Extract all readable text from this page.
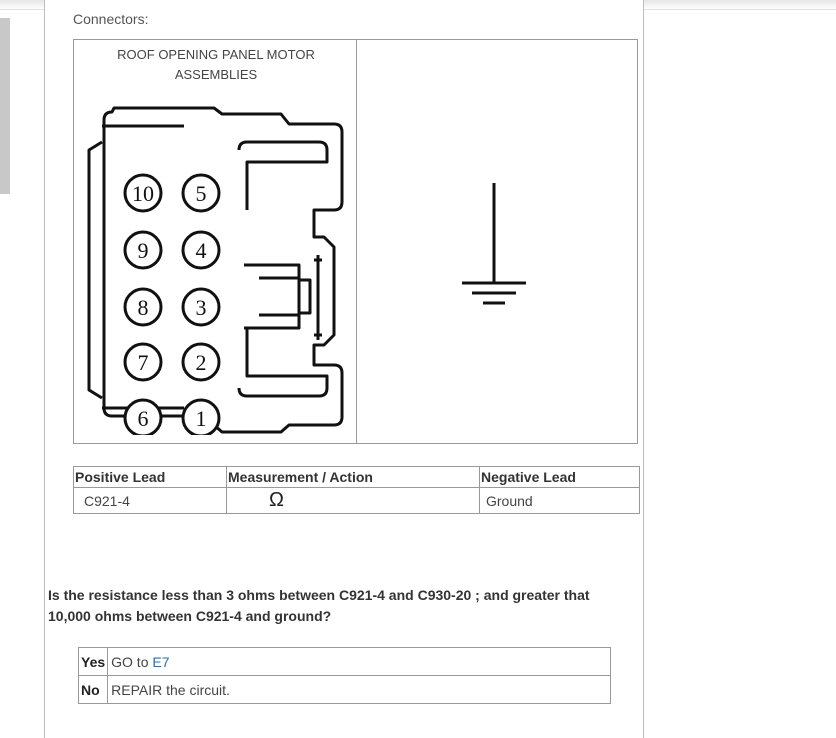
Connectors:
ROOF OPENING PANEL MOTOR
ASSEMBLIES
10 5
9 4
8 3
7 2
6 1
Positive Lead	Measurement / Action	Negative Lead
C921-4	Ω	Ground
Is the resistance less than 3 ohms between C921-4 and C930-20 ; and greater that 10,000 ohms between C921-4 and ground?
Yes	GO to E7
No	REPAIR the circuit.
